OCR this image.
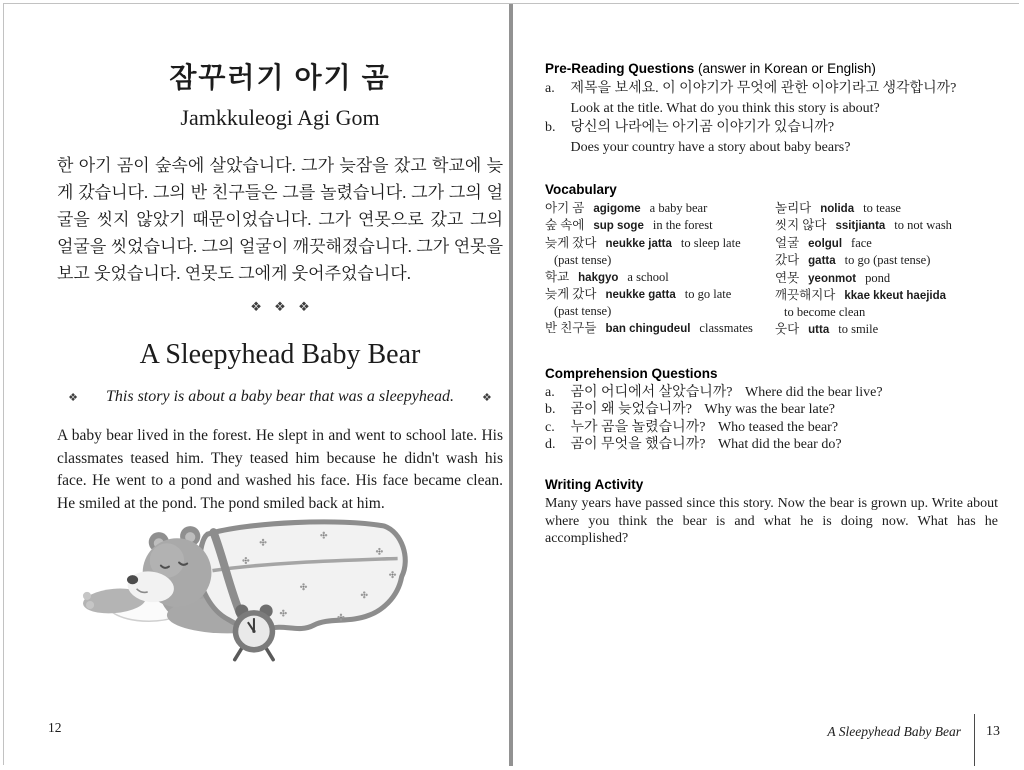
잠꾸러기 아기 곰
Jamkkuleogi Agi Gom
한 아기 곰이 숲속에 살았습니다. 그가 늦잠을 잤고 학교에 늦게 갔습니다. 그의 반 친구들은 그를 놀렸습니다. 그가 그의 얼굴을 씻지 않았기 때문이었습니다. 그가 연못으로 갔고 그의 얼굴을 씻었습니다. 그의 얼굴이 깨끗해졌습니다. 그가 연못을 보고 웃었습니다. 연못도 그에게 웃어주었습니다.
❖ ❖ ❖
A Sleepyhead Baby Bear
❖ This story is about a baby bear that was a sleepyhead.	❖
A baby bear lived in the forest. He slept in and went to school late. His classmates teased him. They teased him because he didn't wash his face. He went to a pond and washed his face. His face became clean. He smiled at the pond. The pond smiled back at him.
12
Pre-Reading Questions (answer in Korean or English)
a. 제목을 보세요. 이 이야기가 무엇에 관한 이야기라고 생각합니까?
Look at the title. What do you think this story is about?
b. 당신의 나라에는 아기곰 이야기가 있습니까?
Does your country have a story about baby bears?
Vocabulary
아기 곰 agigome a baby bear
숲 속에 sup soge in the forest
늦게 잤다 neukke jatta to sleep late
(past tense)
학교 hakgyo a school
늦게 갔다 neukke gatta to go late
(past tense)
반 친구들 ban chingudeul classmates
놀리다 nolida to tease
씻지 않다 ssitjianta to not wash
얼굴 eolgul face
갔다 gatta to go (past tense)
연못 yeonmot pond
깨끗해지다 kkae kkeut haejida
to become clean
웃다 utta to smile
Comprehension Questions
a. 곰이 어디에서 살았습니까? Where did the bear live?
b. 곰이 왜 늦었습니까? Why was the bear late?
c. 누가 곰을 놀렸습니까? Who teased the bear?
d. 곰이 무엇을 했습니까? What did the bear do?
Writing Activity
Many years have passed since this story. Now the bear is grown up. Write about where you think the bear is and what he is doing now. What has he accomplished?
A Sleepyhead Baby Bear 13
